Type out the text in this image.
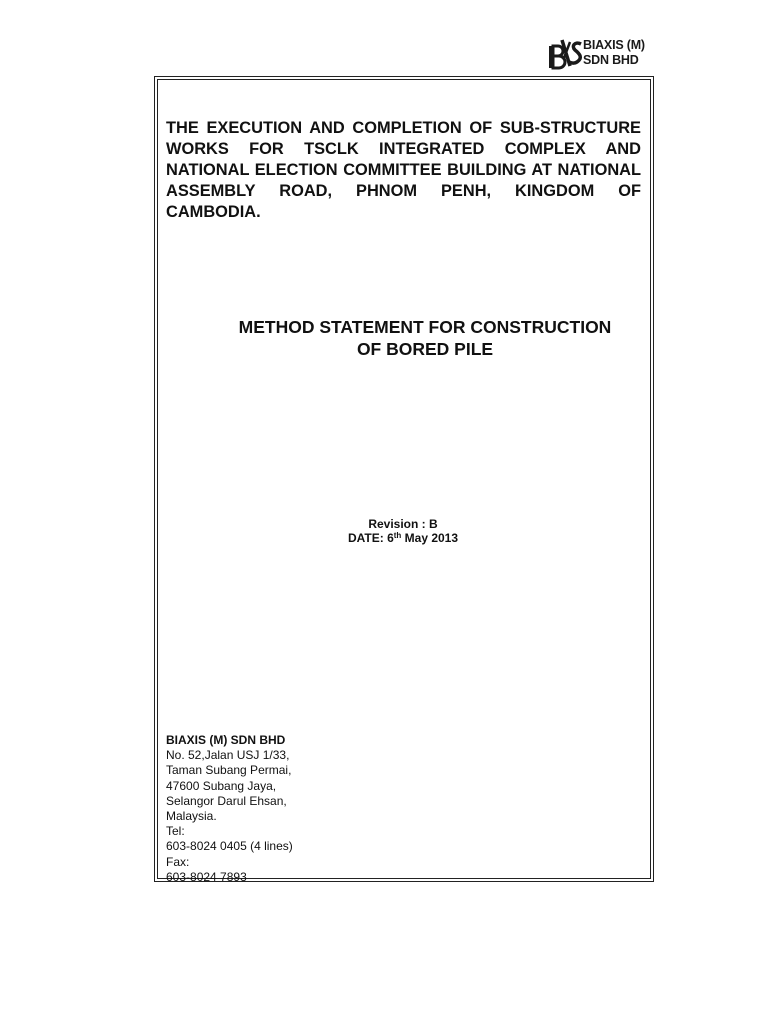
BIAXIS (M)
SDN BHD

THE EXECUTION AND COMPLETION OF SUB-STRUCTURE WORKS FOR TSCLK INTEGRATED COMPLEX AND NATIONAL ELECTION COMMITTEE BUILDING AT NATIONAL ASSEMBLY ROAD, PHNOM PENH, KINGDOM OF CAMBODIA.

METHOD STATEMENT FOR CONSTRUCTION
OF BORED PILE
Revision : B
DATE: 6th May 2013
BIAXIS (M) SDN BHD
No. 52,Jalan USJ 1/33,
Taman Subang Permai,
47600 Subang Jaya,
Selangor Darul Ehsan,
Malaysia.
Tel:
603-8024 0405 (4 lines)
Fax:
603-8024 7893
